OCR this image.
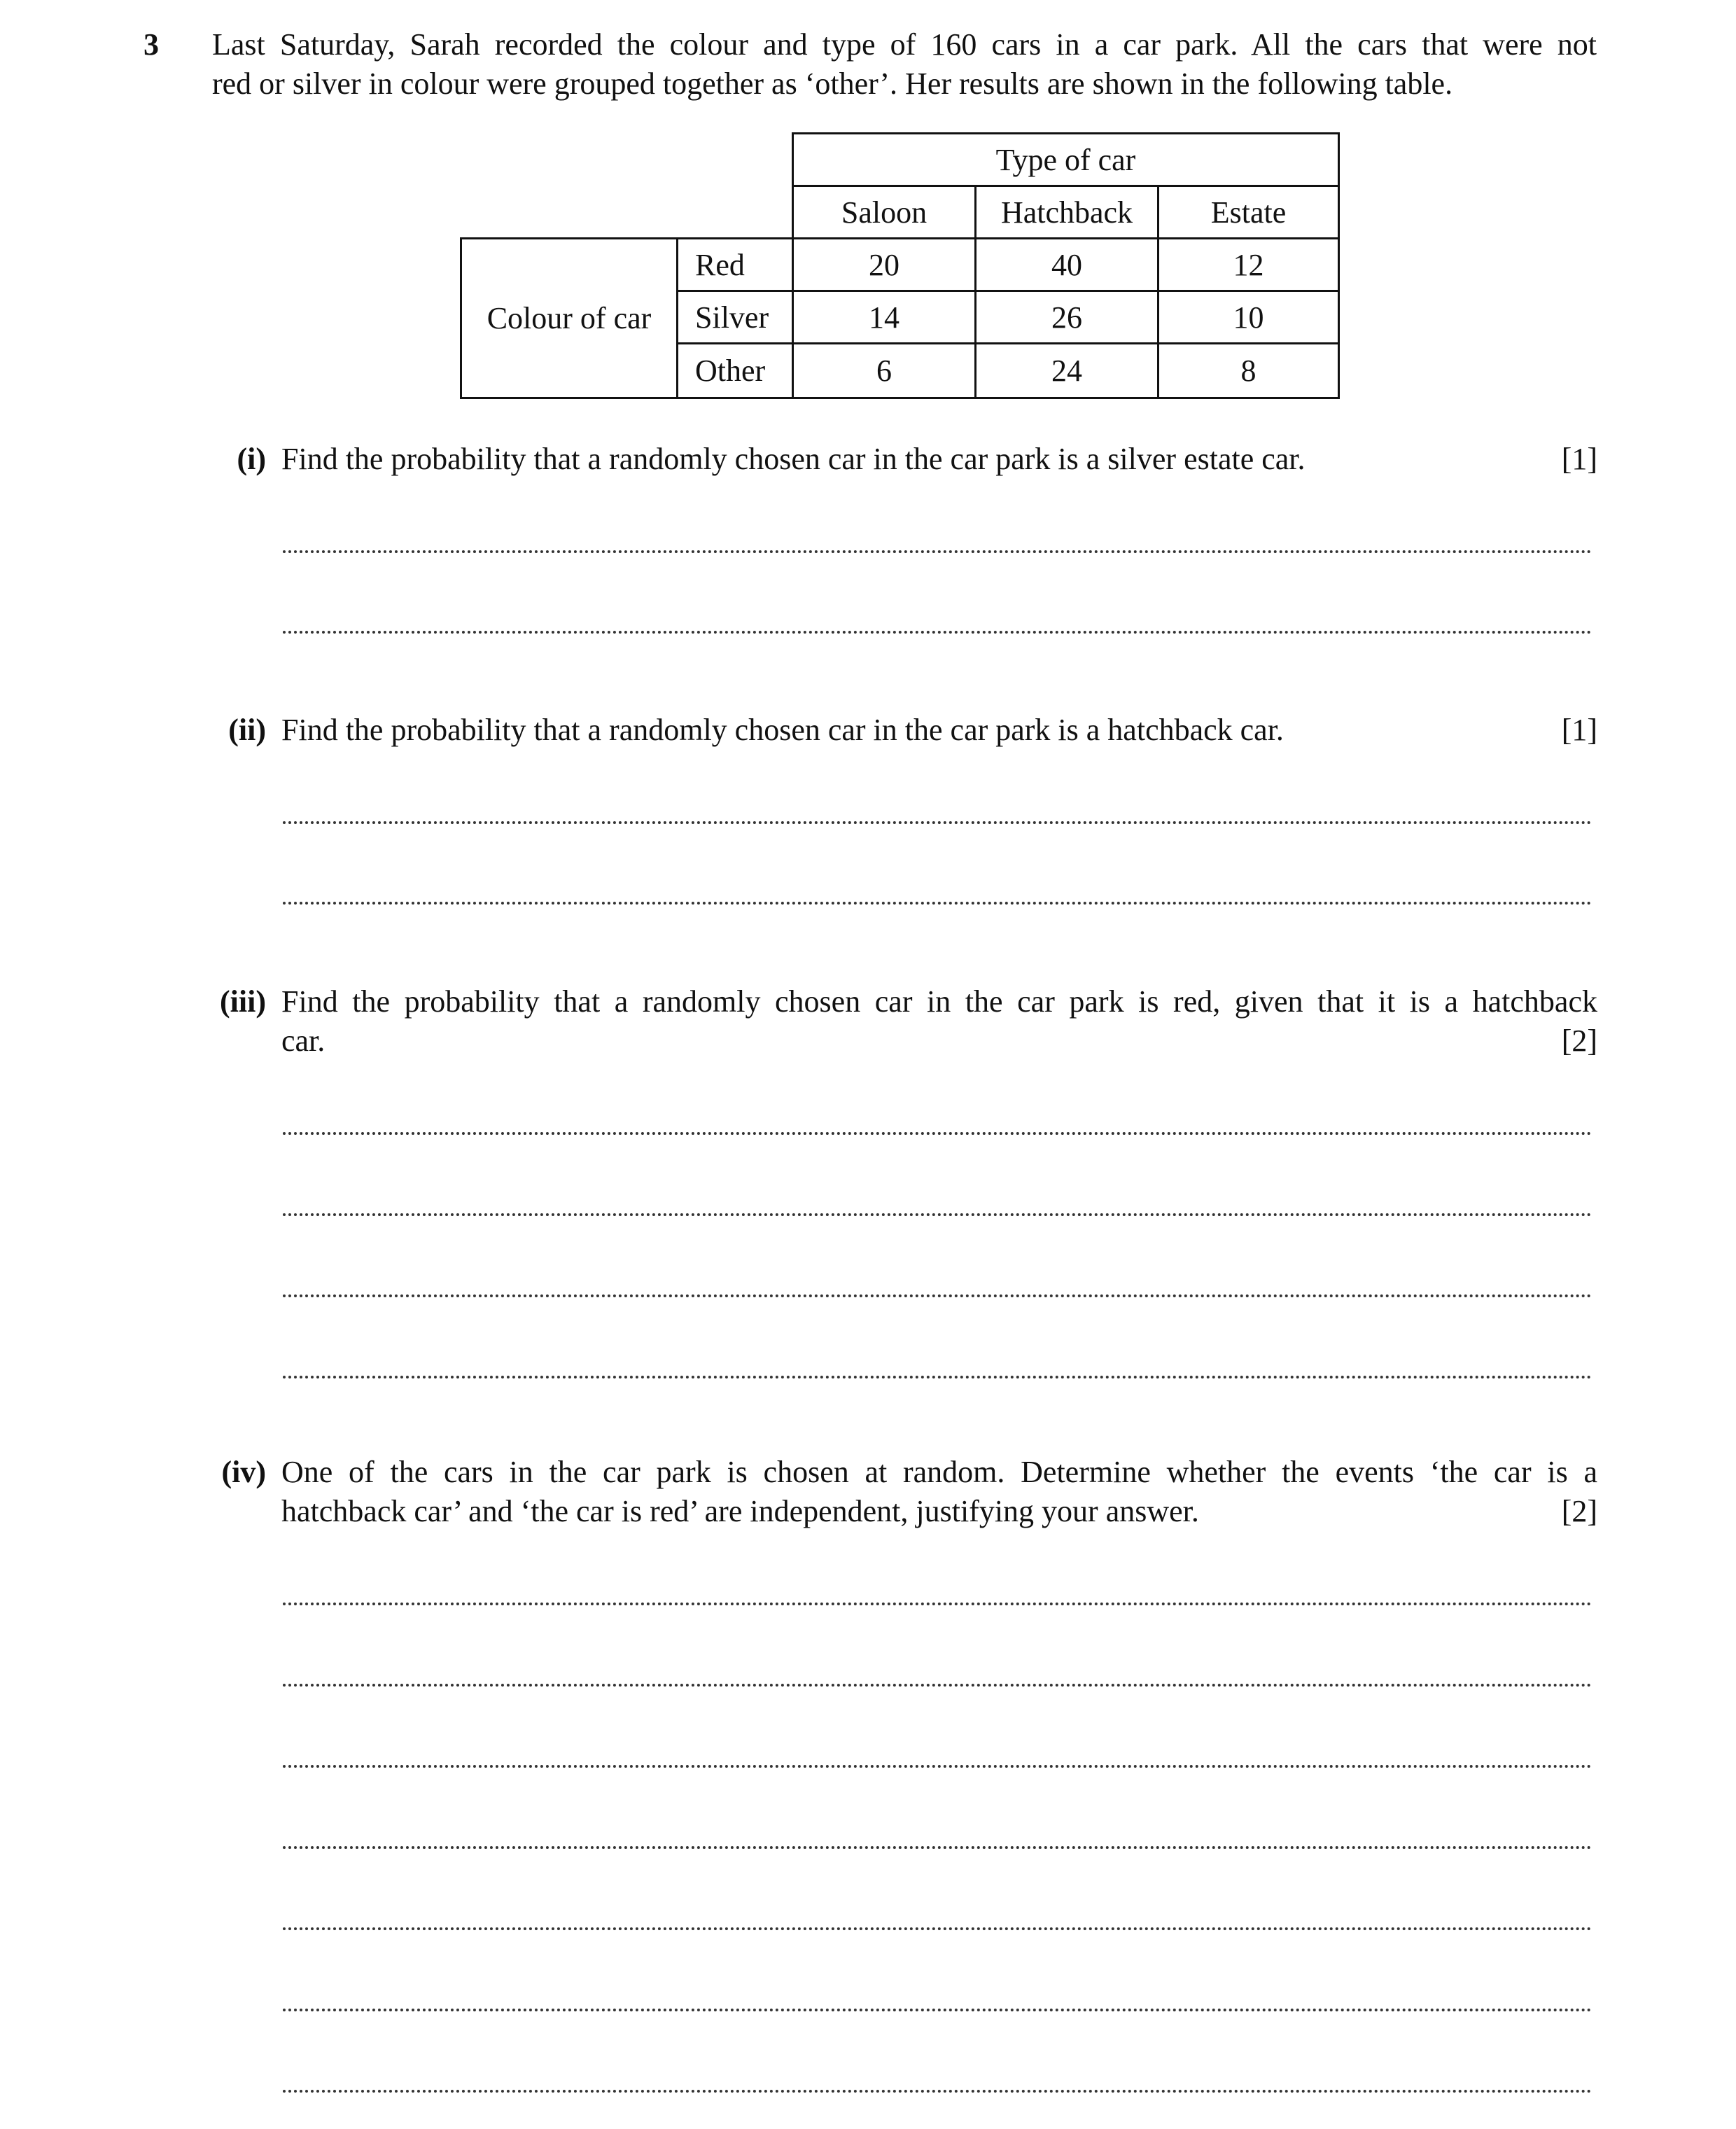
3 Last Saturday, Sarah recorded the colour and type of 160 cars in a car park. All the cars that were not
red or silver in colour were grouped together as ‘other’. Her results are shown in the following table.
Type of car
Saloon	Hatchback	Estate
Colour of car
Red	20	40	12
Silver	14	26	10
Other	6	24	8
(i) Find the probability that a randomly chosen car in the car park is a silver estate car.	[1]
(ii) Find the probability that a randomly chosen car in the car park is a hatchback car.	[1]
(iii) Find the probability that a randomly chosen car in the car park is red, given that it is a hatchback
car.	[2]
(iv) One of the cars in the car park is chosen at random. Determine whether the events ‘the car is a
hatchback car’ and ‘the car is red’ are independent, justifying your answer.	[2]
